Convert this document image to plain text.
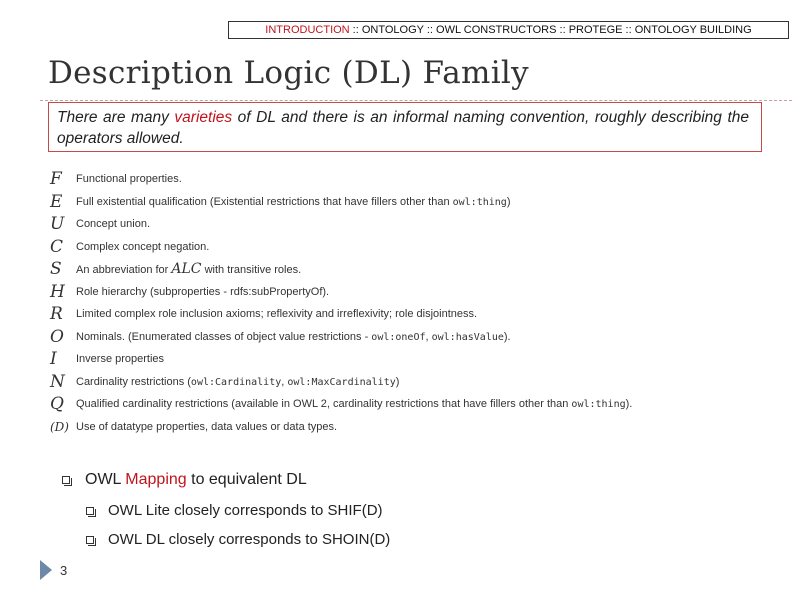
INTRODUCTION :: ONTOLOGY :: OWL CONSTRUCTORS :: PROTEGE :: ONTOLOGY BUILDING
Description Logic (DL) Family
There are many varieties of DL and there is an informal naming convention, roughly describing the operators allowed.
F	Functional properties.
E	Full existential qualification (Existential restrictions that have fillers other than owl:thing)
U	Concept union.
C	Complex concept negation.
S	An abbreviation for ALC with transitive roles.
H	Role hierarchy (subproperties - rdfs:subPropertyOf).
R	Limited complex role inclusion axioms; reflexivity and irreflexivity; role disjointness.
O	Nominals. (Enumerated classes of object value restrictions - owl:oneOf, owl:hasValue).
I	Inverse properties
N	Cardinality restrictions (owl:Cardinality, owl:MaxCardinality)
Q	Qualified cardinality restrictions (available in OWL 2, cardinality restrictions that have fillers other than owl:thing).
(D) Use of datatype properties, data values or data types.
OWL Mapping to equivalent DL
OWL Lite closely corresponds to SHIF(D)
OWL DL closely corresponds to SHOIN(D)
3
